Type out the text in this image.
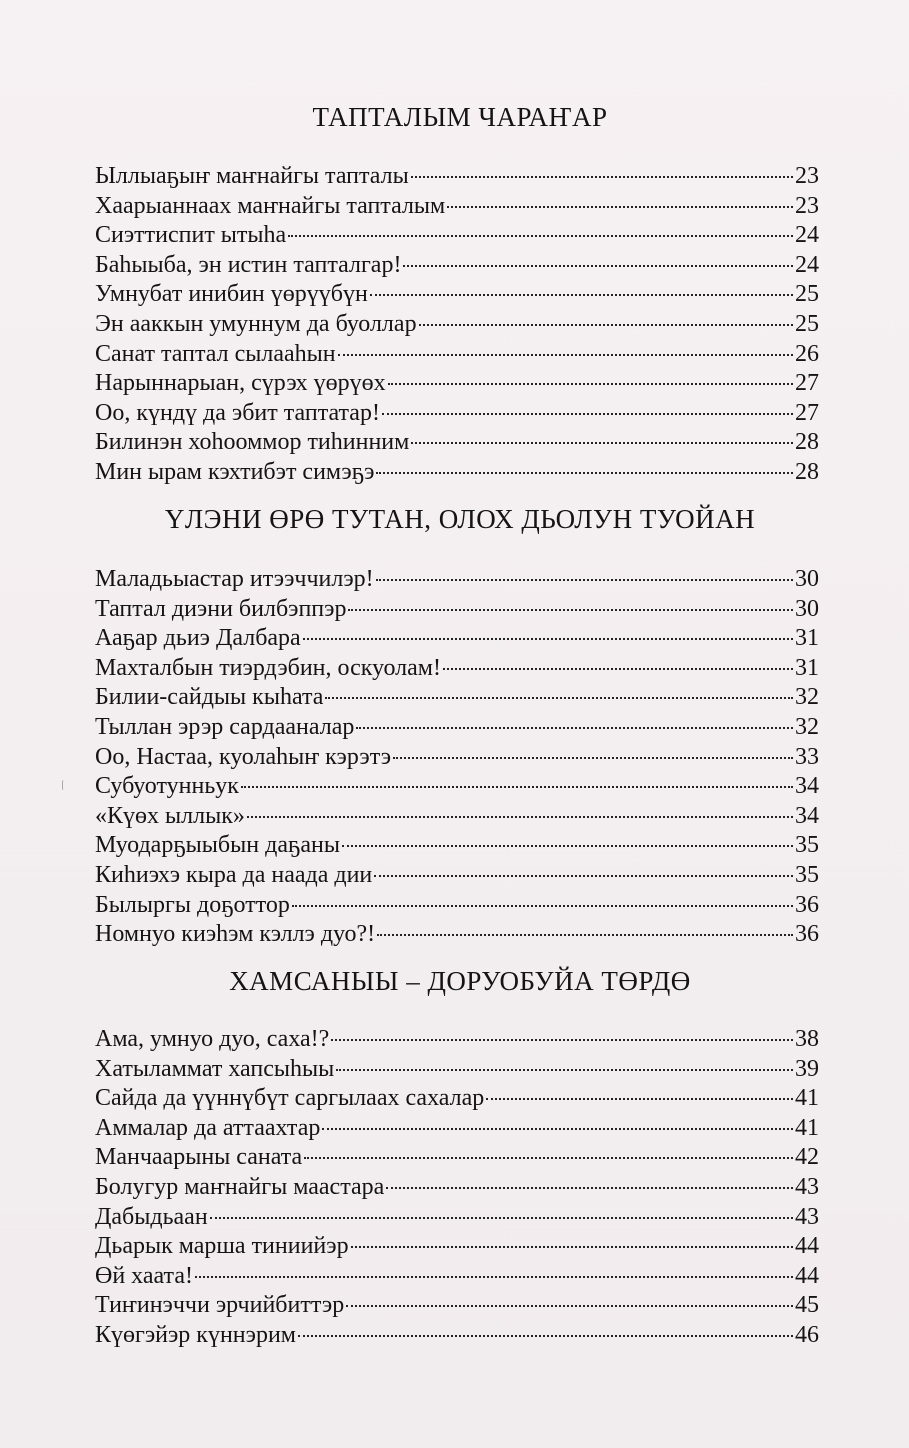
ТАПТАЛЫМ ЧАРАҤАР
Ыллыаҕыҥ маҥнайгы тапталы	23
Хаарыаннаах маҥнайгы тапталым	23
Сиэттиспит ытыһа	24
Баһыыба, эн истин тапталгар!	24
Умнубат инибин үөрүүбүн	25
Эн ааккын умуннум да буоллар	25
Санат таптал сылааһын	26
Нарыннарыан, сүрэх үөрүөх	27
Оо, күндү да эбит таптатар!	27
Билинэн хоһооммор тиһинним	28
Мин ырам кэхтибэт симэҕэ	28
ҮЛЭНИ ӨРӨ ТУТАН, ОЛОХ ДЬОЛУН ТУОЙАН
Маладьыастар итээччилэр!	30
Таптал диэни билбэппэр	30
Ааҕар дьиэ Далбара	31
Махталбын тиэрдэбин, оскуолам!	31
Билии-сайдыы кыһата	32
Тыллан эрэр сардааналар	32
Оо, Настаа, куолаһыҥ кэрэтэ	33
Субуотунньук	34
«Күөх ыллык»	34
Муодарҕыыбын даҕаны	35
Киһиэхэ кыра да наада дии	35
Былыргы доҕоттор	36
Номнуо киэһэм кэллэ дуо?!	36
ХАМСАНЫЫ – ДОРУОБУЙА ТӨРДӨ
Ама, умнуо дуо, саха!?	38
Хатыламмат хапсыһыы	39
Сайда да үүннүбүт саргылаах сахалар	41
Аммалар да аттаахтар	41
Манчаарыны саната	42
Болугур маҥнайгы маастара	43
Дабыдьаан	43
Дьарык марша тиниийэр	44
Өй хаата!	44
Тиҥинэччи эрчийбиттэр	45
Күөгэйэр күннэрим	46
